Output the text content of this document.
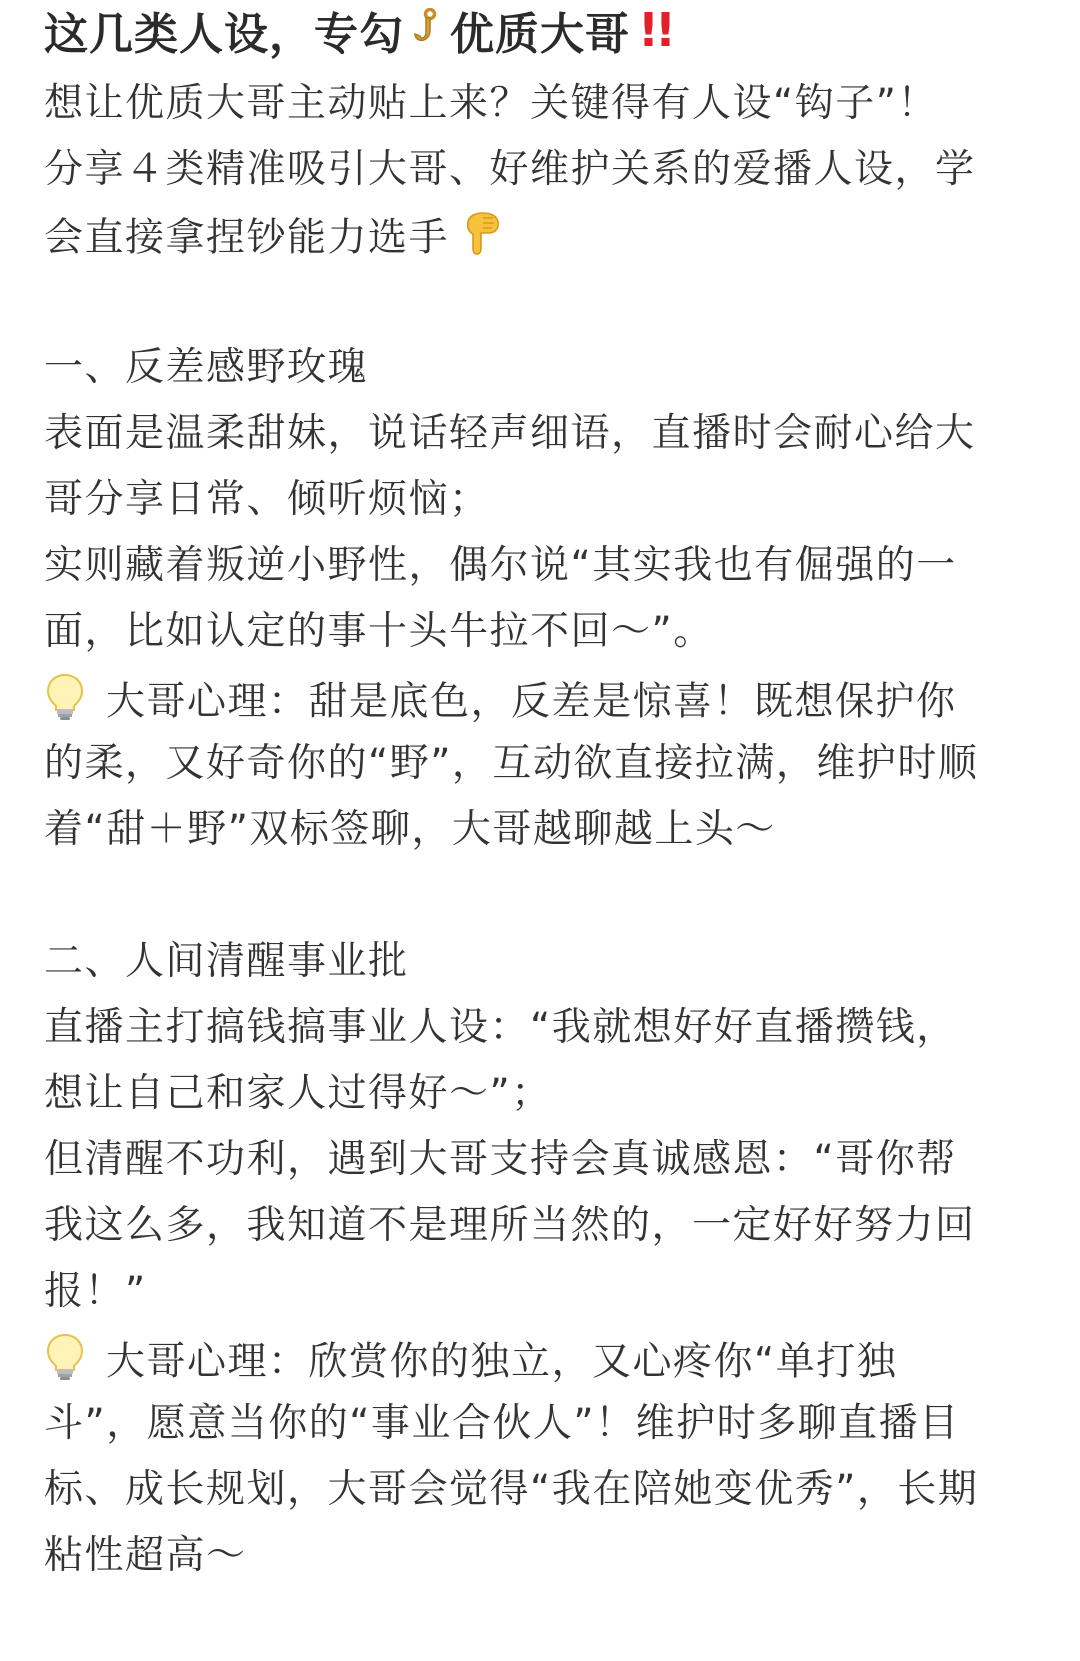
这几类人设，专勾 优质大哥 !!
想让优质大哥主动贴上来？关键得有人设“钩子”！
分享４类精准吸引大哥、好维护关系的爱播人设，学
会直接拿捏钞能力选手
一、反差感野玫瑰
表面是温柔甜妹，说话轻声细语，直播时会耐心给大
哥分享日常、倾听烦恼；
实则藏着叛逆小野性，偶尔说“其实我也有倔强的一
面，比如认定的事十头牛拉不回～”。
大哥心理：甜是底色，反差是惊喜！既想保护你
的柔，又好奇你的“野”，互动欲直接拉满，维护时顺
着“甜＋野”双标签聊，大哥越聊越上头～
二、人间清醒事业批
直播主打搞钱搞事业人设：“我就想好好直播攒钱，
想让自己和家人过得好～”；
但清醒不功利，遇到大哥支持会真诚感恩：“哥你帮
我这么多，我知道不是理所当然的，一定好好努力回
报！”
大哥心理：欣赏你的独立，又心疼你“单打独
斗”，愿意当你的“事业合伙人”！维护时多聊直播目
标、成长规划，大哥会觉得“我在陪她变优秀”，长期
粘性超高～
